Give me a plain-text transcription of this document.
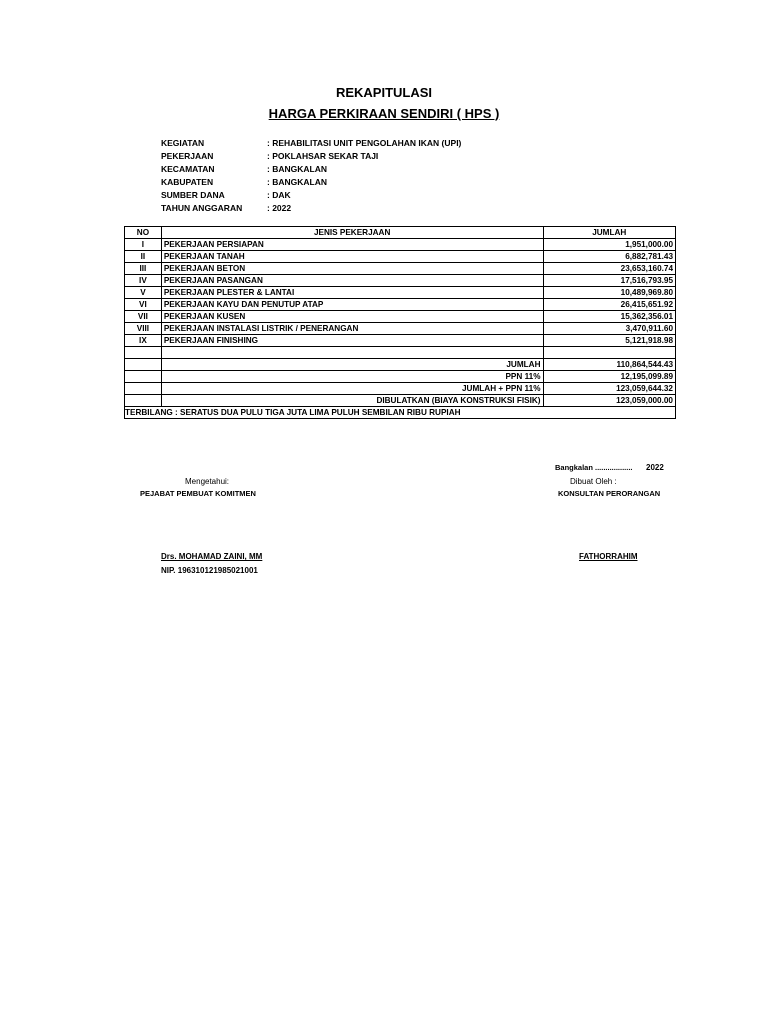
REKAPITULASI
HARGA PERKIRAAN SENDIRI ( HPS )
KEGIATAN	: REHABILITASI UNIT PENGOLAHAN IKAN (UPI)
PEKERJAAN	: POKLAHSAR SEKAR TAJI
KECAMATAN	: BANGKALAN
KABUPATEN	: BANGKALAN
SUMBER DANA	: DAK
TAHUN ANGGARAN	: 2022
NO	JENIS PEKERJAAN	JUMLAH
I	PEKERJAAN PERSIAPAN	1,951,000.00
II	PEKERJAAN TANAH	6,882,781.43
III	PEKERJAAN BETON	23,653,160.74
IV	PEKERJAAN PASANGAN	17,516,793.95
V	PEKERJAAN PLESTER & LANTAI	10,489,969.80
VI	PEKERJAAN KAYU DAN PENUTUP ATAP	26,415,651.92
VII	PEKERJAAN KUSEN	15,362,356.01
VIII	PEKERJAAN INSTALASI LISTRIK / PENERANGAN	3,470,911.60
IX	PEKERJAAN FINISHING	5,121,918.98

	JUMLAH	110,864,544.43
	PPN 11%	12,195,099.89
	JUMLAH + PPN 11%	123,059,644.32
	DIBULATKAN (BIAYA KONSTRUKSI FISIK)	123,059,000.00
TERBILANG : SERATUS DUA PULU TIGA JUTA LIMA PULUH SEMBILAN RIBU RUPIAH		
Bangkalan .................. 2022
Mengetahui:
PEJABAT PEMBUAT KOMITMEN
Dibuat Oleh :
KONSULTAN PERORANGAN
Drs. MOHAMAD ZAINI, MM
NIP. 196310121985021001
FATHORRAHIM
